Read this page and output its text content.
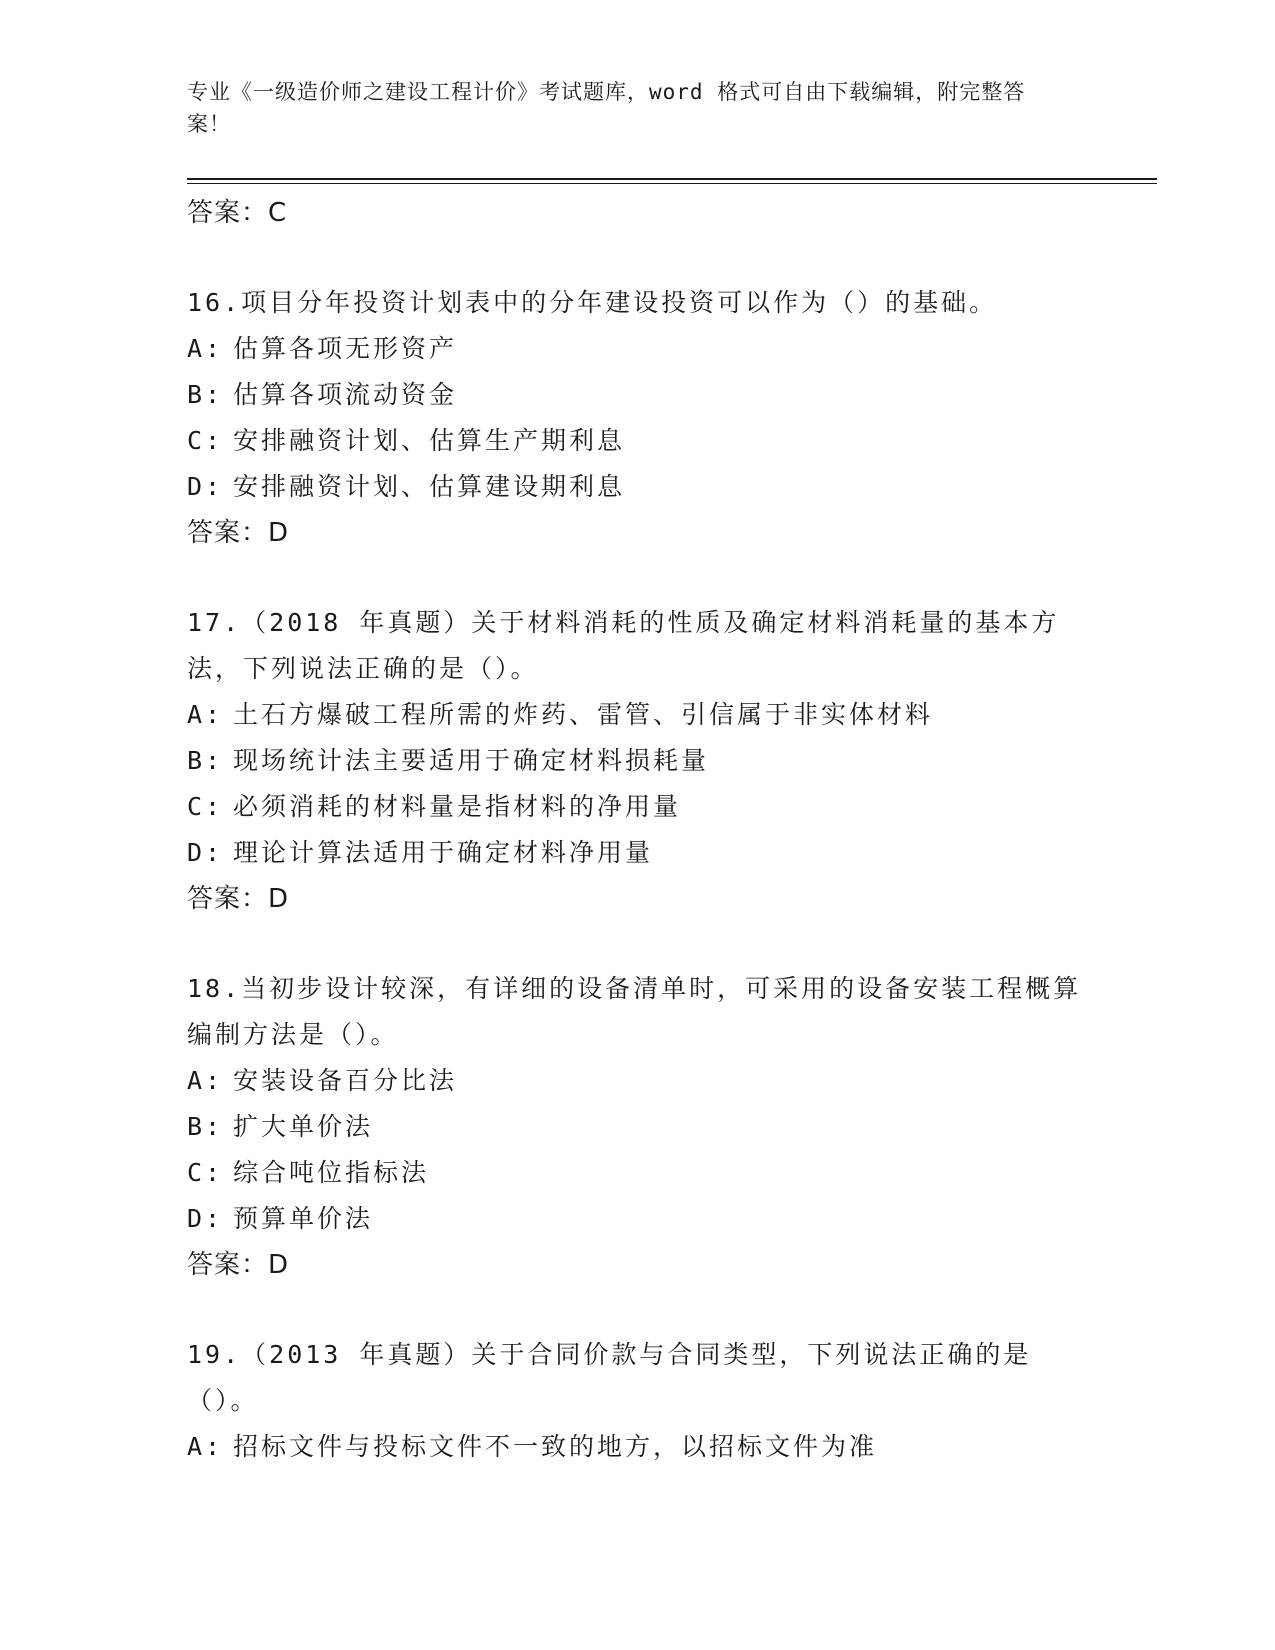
专业《一级造价师之建设工程计价》考试题库，word 格式可自由下载编辑，附完整答案！

答案：C

16.项目分年投资计划表中的分年建设投资可以作为（）的基础。

A: 估算各项无形资产

B: 估算各项流动资金

C: 安排融资计划、估算生产期利息

D: 安排融资计划、估算建设期利息

答案：D

17.（2018 年真题）关于材料消耗的性质及确定材料消耗量的基本方法，下列说法正确的是（）。

A: 土石方爆破工程所需的炸药、雷管、引信属于非实体材料

B: 现场统计法主要适用于确定材料损耗量

C: 必须消耗的材料量是指材料的净用量

D: 理论计算法适用于确定材料净用量

答案：D

18.当初步设计较深，有详细的设备清单时，可采用的设备安装工程概算编制方法是（）。

A: 安装设备百分比法

B: 扩大单价法

C: 综合吨位指标法

D: 预算单价法

答案：D

19.（2013 年真题）关于合同价款与合同类型，下列说法正确的是（）。

A: 招标文件与投标文件不一致的地方，以招标文件为准
